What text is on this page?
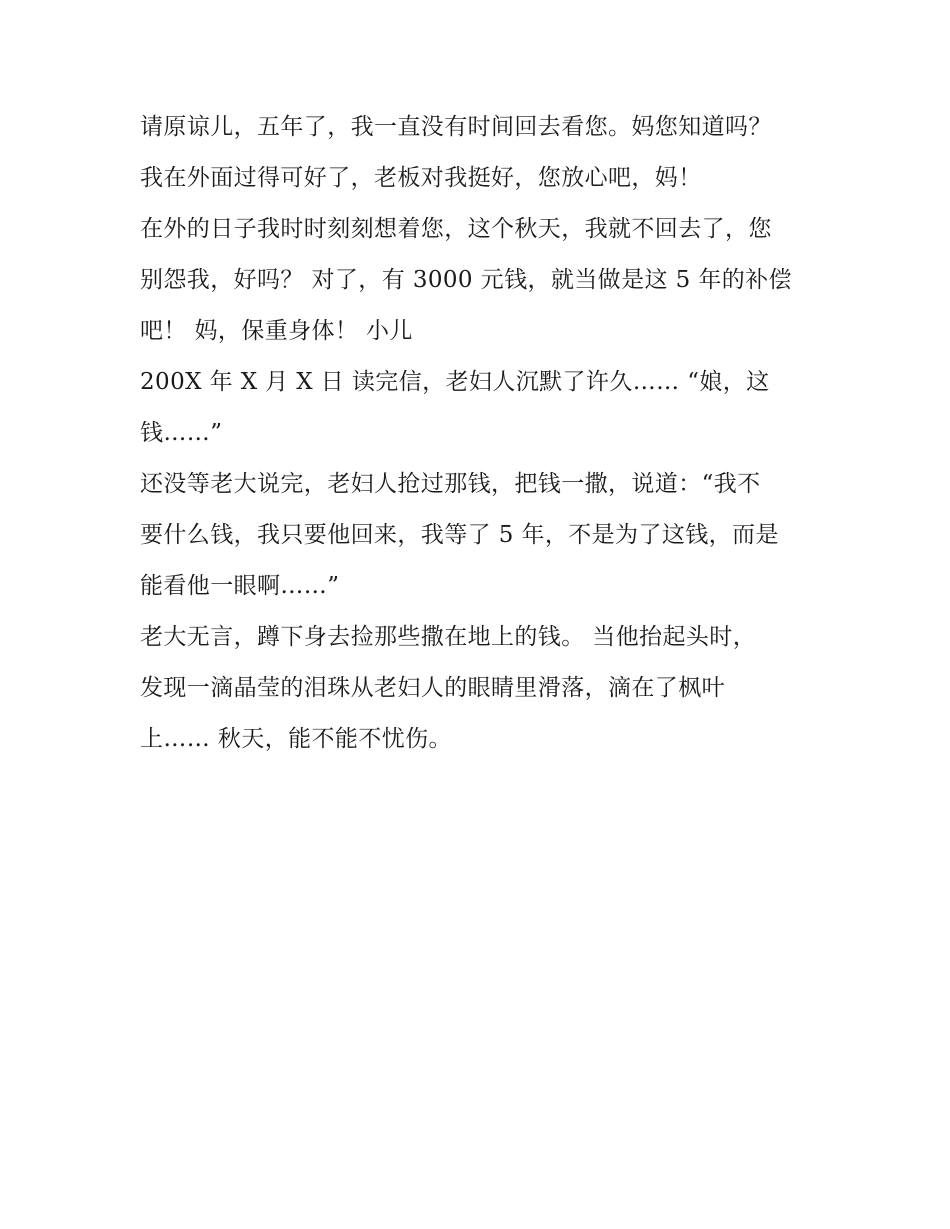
请原谅儿，五年了，我一直没有时间回去看您。妈您知道吗？
我在外面过得可好了，老板对我挺好，您放心吧，妈！
在外的日子我时时刻刻想着您，这个秋天，我就不回去了，您
别怨我，好吗？ 对了，有 3000 元钱，就当做是这 5 年的补偿
吧！ 妈，保重身体！ 小儿
200X 年 X 月 X 日 读完信，老妇人沉默了许久…… “娘，这
钱……”
还没等老大说完，老妇人抢过那钱，把钱一撒，说道：“我不
要什么钱，我只要他回来，我等了 5 年，不是为了这钱，而是
能看他一眼啊……”
老大无言，蹲下身去捡那些撒在地上的钱。 当他抬起头时，
发现一滴晶莹的泪珠从老妇人的眼睛里滑落，滴在了枫叶
上…… 秋天，能不能不忧伤。
